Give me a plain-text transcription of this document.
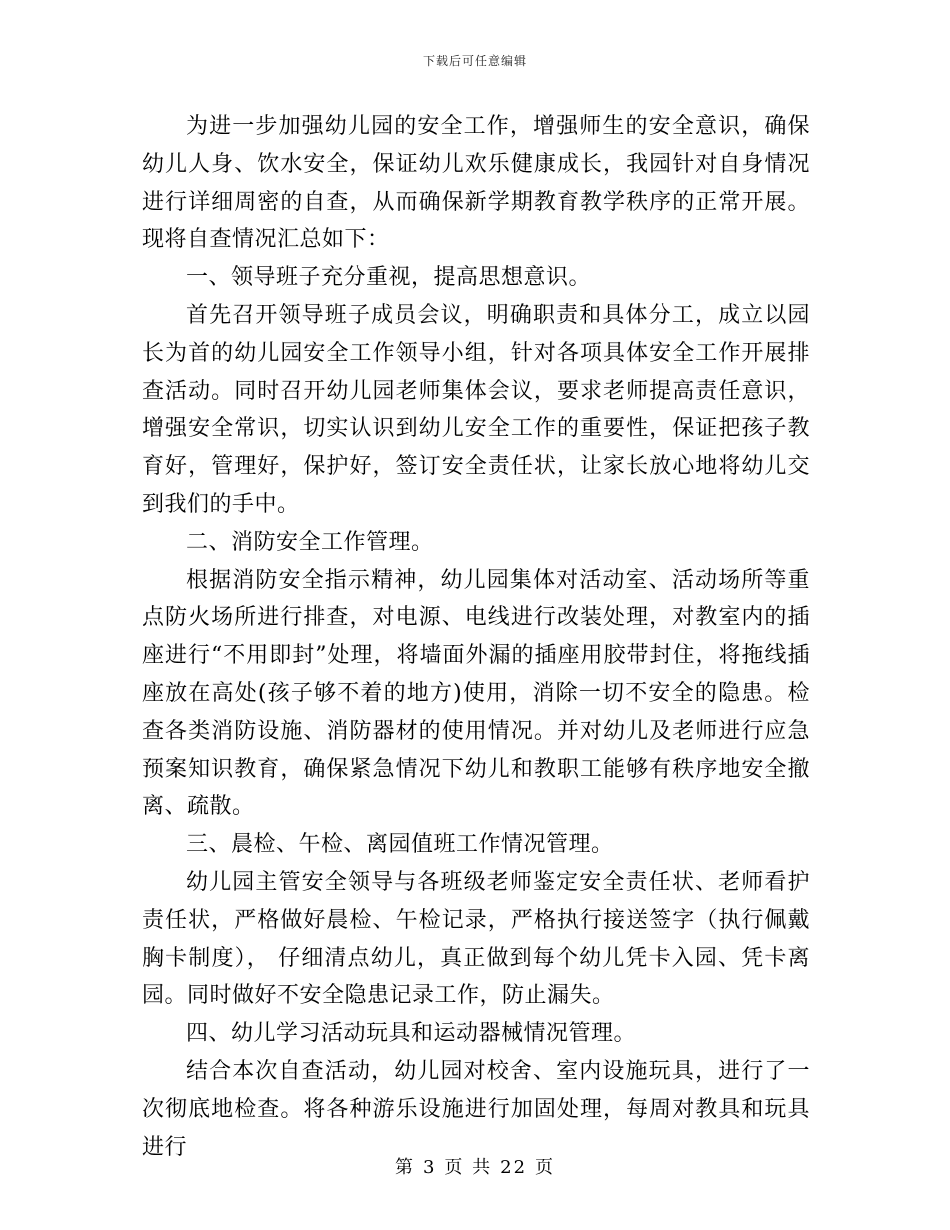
下载后可任意编辑

为进一步加强幼儿园的安全工作，增强师生的安全意识，确保幼儿人身、饮水安全，保证幼儿欢乐健康成长，我园针对自身情况进行详细周密的自查，从而确保新学期教育教学秩序的正常开展。现将自查情况汇总如下：

一、领导班子充分重视，提高思想意识。

首先召开领导班子成员会议，明确职责和具体分工，成立以园长为首的幼儿园安全工作领导小组，针对各项具体安全工作开展排查活动。同时召开幼儿园老师集体会议，要求老师提高责任意识，增强安全常识，切实认识到幼儿安全工作的重要性，保证把孩子教育好，管理好，保护好，签订安全责任状，让家长放心地将幼儿交到我们的手中。

二、消防安全工作管理。

根据消防安全指示精神，幼儿园集体对活动室、活动场所等重点防火场所进行排查，对电源、电线进行改装处理，对教室内的插座进行“不用即封”处理，将墙面外漏的插座用胶带封住，将拖线插座放在高处(孩子够不着的地方)使用，消除一切不安全的隐患。检查各类消防设施、消防器材的使用情况。并对幼儿及老师进行应急预案知识教育，确保紧急情况下幼儿和教职工能够有秩序地安全撤离、疏散。

三、晨检、午检、离园值班工作情况管理。

幼儿园主管安全领导与各班级老师鉴定安全责任状、老师看护责任状，严格做好晨检、午检记录，严格执行接送签字（执行佩戴胸卡制度）， 仔细清点幼儿，真正做到每个幼儿凭卡入园、凭卡离园。同时做好不安全隐患记录工作，防止漏失。

四、幼儿学习活动玩具和运动器械情况管理。

结合本次自查活动，幼儿园对校舍、室内设施玩具，进行了一次彻底地检查。将各种游乐设施进行加固处理，每周对教具和玩具进行

第 3 页 共 22 页
